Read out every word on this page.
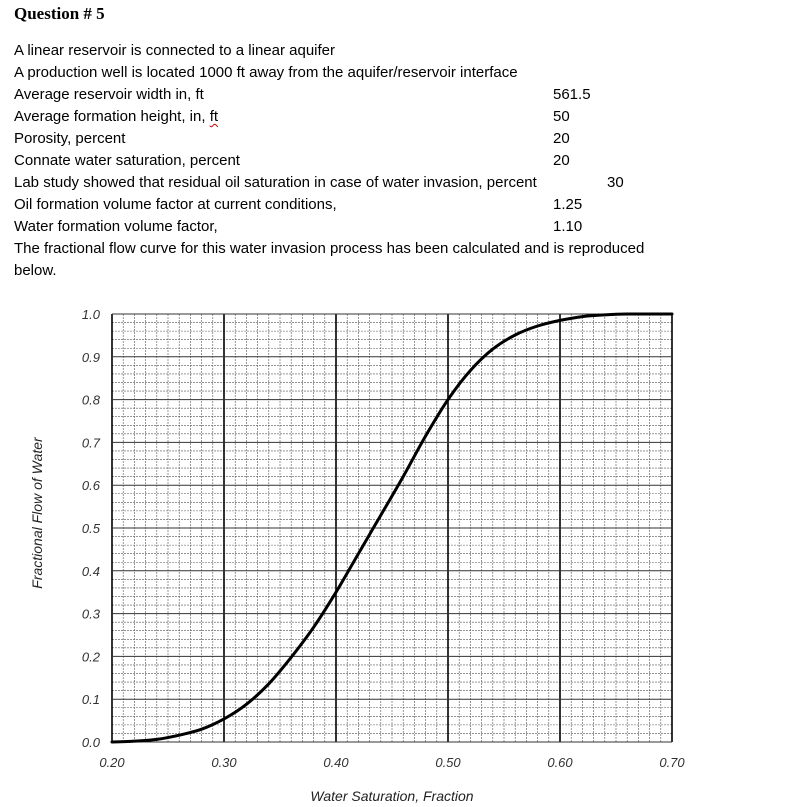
Question # 5
A linear reservoir is connected to a linear aquifer
A production well is located 1000 ft away from the aquifer/reservoir interface
Average reservoir width in, ft	561.5
Average formation height, in, ft	50
Porosity, percent	20
Connate water saturation, percent	20
Lab study showed that residual oil saturation in case of water invasion, percent	30
Oil formation volume factor at current conditions,	1.25
Water formation volume factor,	1.10
The fractional flow curve for this water invasion process has been calculated and is reproduced
below.
0.20	0.30	0.40	0.50	0.60	0.70
0.0
0.1
0.2
0.3
0.4
0.5
0.6
0.7
0.8
0.9
1.0
Water Saturation, Fraction
Fractional Flow of Water
